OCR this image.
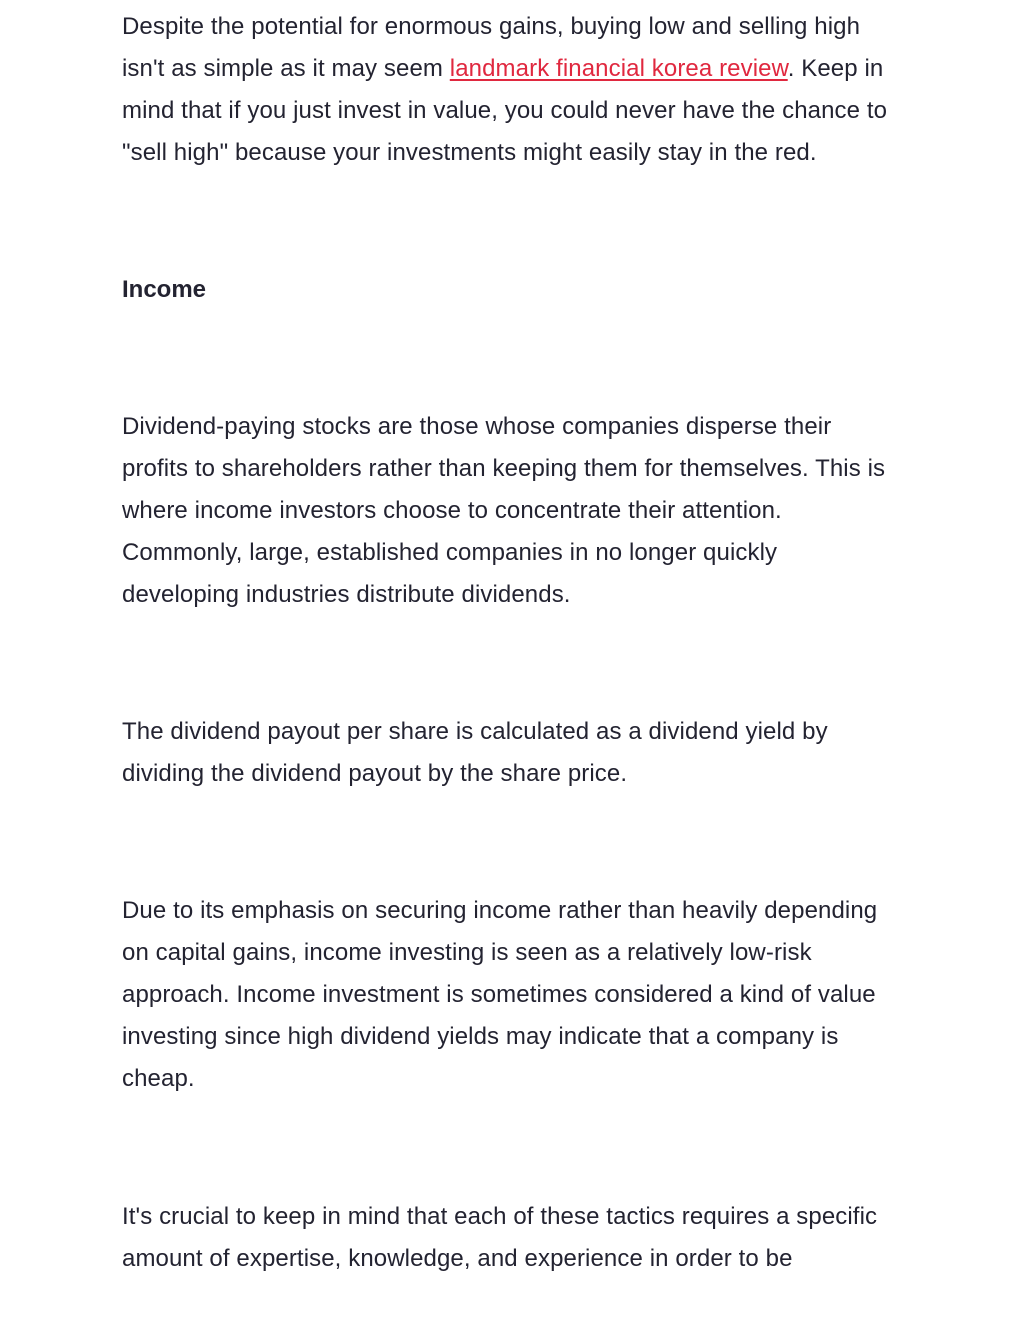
Despite the potential for enormous gains, buying low and selling high isn't as simple as it may seem landmark financial korea review. Keep in mind that if you just invest in value, you could never have the chance to "sell high" because your investments might easily stay in the red.

Income

Dividend-paying stocks are those whose companies disperse their profits to shareholders rather than keeping them for themselves. This is where income investors choose to concentrate their attention. Commonly, large, established companies in no longer quickly developing industries distribute dividends.

The dividend payout per share is calculated as a dividend yield by dividing the dividend payout by the share price.

Due to its emphasis on securing income rather than heavily depending on capital gains, income investing is seen as a relatively low-risk approach. Income investment is sometimes considered a kind of value investing since high dividend yields may indicate that a company is cheap.

It's crucial to keep in mind that each of these tactics requires a specific amount of expertise, knowledge, and experience in order to be
